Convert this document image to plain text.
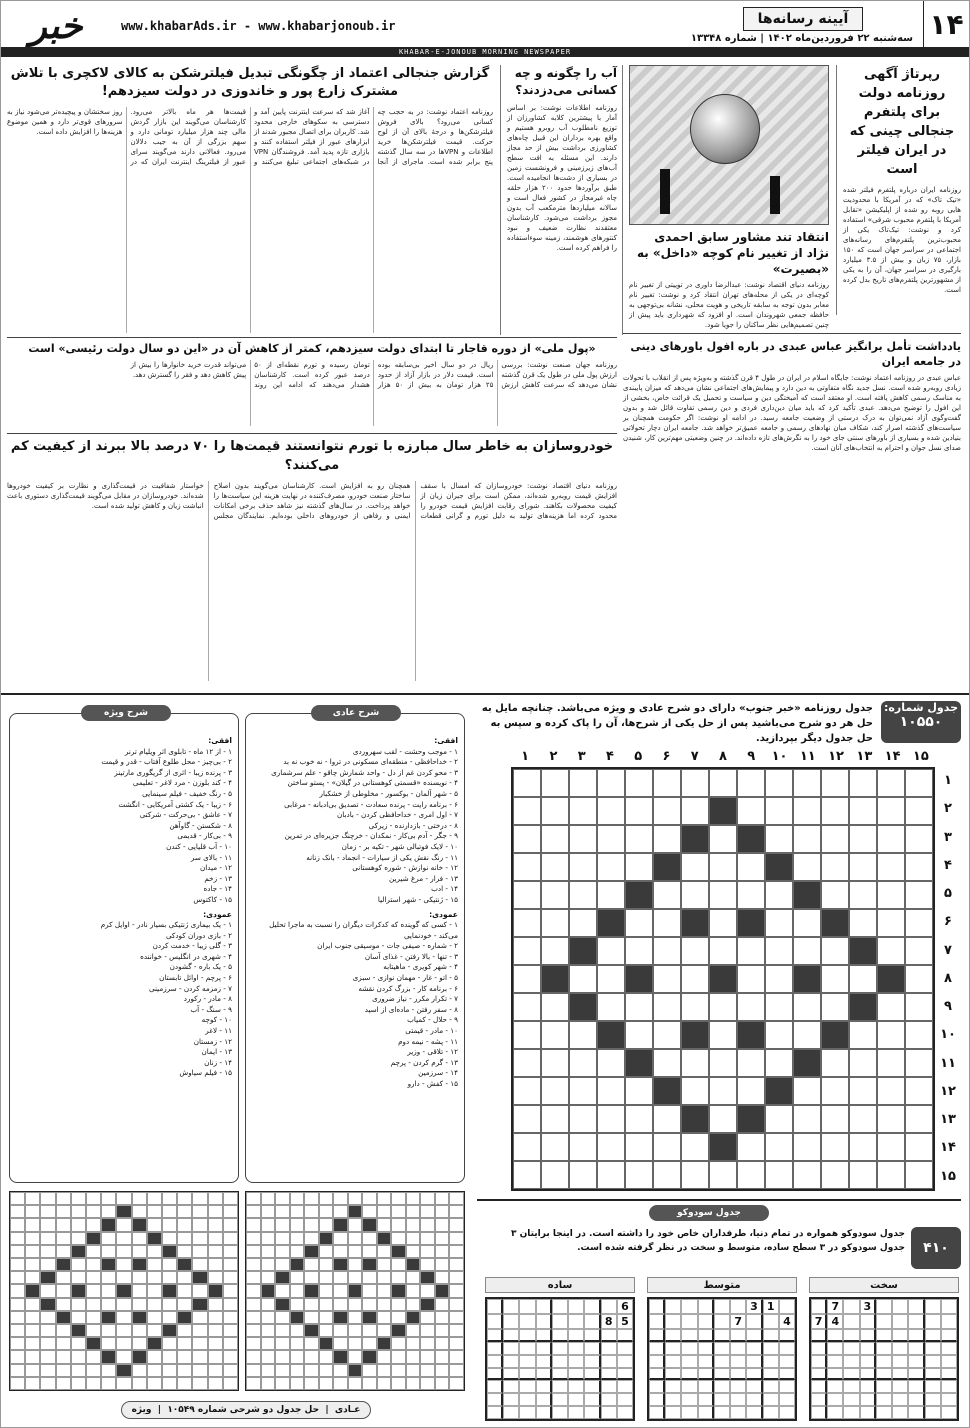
۱۴
آیینه رسانه‌ها
سه‌شنبه ۲۲ فروردین‌ماه ۱۴۰۲ | شماره ۱۳۳۴۸
www.khabarAds.ir - www.khabarjonoub.ir
خبر
KHABAR-E-JONOUB MORNING NEWSPAPER
رپرتاژ آگهی روزنامه دولت برای پلتفرم جنجالی چینی که در ایران فیلتر است
روزنامه ایران درباره پلتفرم فیلتر شده «تیک تاک» که در آمریکا با محدودیت هایی روبه رو شده از اپلیکیشن «تقابل آمریکا با پلتفرم محبوب شرقی» استفاده کرد و نوشت: تیک‌تاک یکی از محبوب‌ترین پلتفرم‌های رسانه‌های اجتماعی در سراسر جهان است که ۱۵۰ بازار، ۷۵ زبان و بیش از ۳.۵ میلیارد بارگیری در سراسر جهان، آن را به یکی از مشهورترین پلتفرم‌های تاریخ بدل کرده است.
انتقاد تند مشاور سابق احمدی نژاد از تغییر نام کوچه «داخل» به «بصیرت»
روزنامه دنیای اقتصاد نوشت: عبدالرضا داوری در توییتی از تغییر نام کوچه‌ای در یکی از محله‌های تهران انتقاد کرد و نوشت: تغییر نام معابر بدون توجه به سابقه تاریخی و هویت محلی، نشانه بی‌توجهی به حافظه جمعی شهروندان است. او افزود که شهرداری باید پیش از چنین تصمیم‌هایی نظر ساکنان را جویا شود.
آب را چگونه و چه کسانی می‌دزدند؟
روزنامه اطلاعات نوشت: بر اساس آمار با پیشترین کلابه کشاورزان از توزیع نامطلوب آب روبرو هستیم و واقع بهره برداران این قبیل چاه‌های کشاورزی برداشت بیش از حد مجاز دارند. این مسئله به افت سطح آب‌های زیرزمینی و فرونشست زمین در بسیاری از دشت‌ها انجامیده است. طبق برآوردها حدود ۲۰۰ هزار حلقه چاه غیرمجاز در کشور فعال است و سالانه میلیاردها مترمکعب آب بدون مجوز برداشت می‌شود. کارشناسان معتقدند نظارت ضعیف و نبود کنتورهای هوشمند، زمینه سوءاستفاده را فراهم کرده است.
گزارش جنجالی اعتماد از چگونگی تبدیل فیلترشکن به کالای لاکچری با تلاش مشترک زارع پور و خاندوزی در دولت سیزدهم!
روزنامه اعتماد نوشت: در به حجب چه کسانی می‌رود؟ بالای فروش فیلترشکن‌ها و درجهٔ بالای آن از لوح حرکت. قیمت فیلترشکن‌ها خرید اطلاعات و VPN‌ها در سه سال گذشته پنج برابر شده است. ماجرای از آنجا آغاز شد که سرعت اینترنت پایین آمد و دسترسی به سکوهای خارجی محدود شد. کاربران برای اتصال مجبور شدند از ابزارهای عبور از فیلتر استفاده کنند و بازاری تازه پدید آمد. فروشندگان VPN در شبکه‌های اجتماعی تبلیغ می‌کنند و قیمت‌ها هر ماه بالاتر می‌رود. کارشناسان می‌گویند این بازار گردش مالی چند هزار میلیارد تومانی دارد و سهم بزرگی از آن به جیب دلالان می‌رود. فعالانی دارند می‌گویند سرای عبور از فیلترینگ اینترنت ایران که در روز سختشان و پیچیده‌تر می‌شود نیاز به سرورهای قوی‌تر دارد و همین موضوع هزینه‌ها را افزایش داده است.
یادداشت تأمل برانگیز عباس عبدی در باره افول باورهای دینی در جامعه ایران
عباس عبدی در روزنامه اعتماد نوشت: جایگاه اسلام در ایران در طول ۴ قرن گذشته و به‌ویژه پس از انقلاب با تحولات زیادی روبه‌رو شده است. نسل جدید نگاه متفاوتی به دین دارد و پیمایش‌های اجتماعی نشان می‌دهد که میزان پایبندی به مناسک رسمی کاهش یافته است. او معتقد است که آمیختگی دین و سیاست و تحمیل یک قرائت خاص، بخشی از این افول را توضیح می‌دهد. عبدی تأکید کرد که باید میان دین‌داری فردی و دین رسمی تفاوت قائل شد و بدون گفت‌وگوی آزاد نمی‌توان به درک درستی از وضعیت جامعه رسید. در ادامه او نوشت: اگر حکومت همچنان بر سیاست‌های گذشته اصرار کند، شکاف میان نهادهای رسمی و جامعه عمیق‌تر خواهد شد. جامعه ایران دچار تحولاتی بنیادین شده و بسیاری از باورهای سنتی جای خود را به نگرش‌های تازه داده‌اند. در چنین وضعیتی مهم‌ترین کار، شنیدن صدای نسل جوان و احترام به انتخاب‌های آنان است.
«پول ملی» از دوره قاجار تا ابتدای دولت سیزدهم، کمتر از کاهش آن در «این دو سال دولت رئیسی» است
روزنامه جهان صنعت نوشت: بررسی ارزش پول ملی در طول یک قرن گذشته نشان می‌دهد که سرعت کاهش ارزش ریال در دو سال اخیر بی‌سابقه بوده است. قیمت دلار در بازار آزاد از حدود ۲۵ هزار تومان به بیش از ۵۰ هزار تومان رسیده و تورم نقطه‌ای از ۵۰ درصد عبور کرده است. کارشناسان هشدار می‌دهند که ادامه این روند می‌تواند قدرت خرید خانوارها را بیش از پیش کاهش دهد و فقر را گسترش دهد.
خودروسازان به خاطر سال مبارزه با تورم نتوانستند قیمت‌ها را ۷۰ درصد بالا ببرند از کیفیت کم می‌کنند؟
روزنامه دنیای اقتصاد نوشت: خودروسازان که امسال با سقف افزایش قیمت روبه‌رو شده‌اند، ممکن است برای جبران زیان از کیفیت محصولات بکاهند. شورای رقابت افزایش قیمت خودرو را محدود کرده اما هزینه‌های تولید به دلیل تورم و گرانی قطعات همچنان رو به افزایش است. کارشناسان می‌گویند بدون اصلاح ساختار صنعت خودرو، مصرف‌کننده در نهایت هزینه این سیاست‌ها را خواهد پرداخت. در سال‌های گذشته نیز شاهد حذف برخی امکانات ایمنی و رفاهی از خودروهای داخلی بوده‌ایم. نمایندگان مجلس خواستار شفافیت در قیمت‌گذاری و نظارت بر کیفیت خودروها شده‌اند. خودروسازان در مقابل می‌گویند قیمت‌گذاری دستوری باعث انباشت زیان و کاهش تولید شده است.
جدول شماره:
۱۰۵۵۰
جدول روزنامه «خبر جنوب» دارای دو شرح عادی و ویژه می‌باشد. چنانچه مایل به حل هر دو شرح می‌باشید پس از حل یکی از شرح‌ها، آن را پاک کرده و سپس به حل جدول دیگر بپردازید.
۱۵
۱۴
۱۳
۱۲
۱۱
۱۰
۹
۸
۷
۶
۵
۴
۳
۲
۱
۱
۲
۳
۴
۵
۶
۷
۸
۹
۱۰
۱۱
۱۲
۱۳
۱۴
۱۵
افقی:
۱ - موجب وحشت - لقب سهروردی
۲ - خداحافظی - منطقه‌ای مسکونی در تروا - نه خوب نه بد
۳ - محو کردن غم از دل - واحد شمارش چاقو - علم سرشماری
۴ - نویسنده «قسمتی کوهستانی در گیلان» - پستو ساختن
۵ - شهر آلمان - بوکسور - مخلوطی از خشکبار
۶ - برنامه رایت - پرنده سعادت - تصدیق بی‌ادبانه - مرغابی
۷ - اول امری - خداحافظی کردن - بادبان
۸ - درختی - بازدارنده - زیرکی
۹ - جگر - آدم بی‌کار - نمکدان - خرچنگ جزیره‌ای در تمرین
۱۰ - لایک فوتبالی شهر - تکیه بر - زمان
۱۱ - رنگ نقش یکی از سیارات - انجماد - بانک زنانه
۱۲ - خانه نوازش - شوره کوهستانی
۱۳ - فرار - مرغ شیرین
۱۴ - ادب
۱۵ - ژنتیکی - شهر استرالیا
عمودی:
۱ - کسی که گوینده که کدکرات دیگران را نسبت به ماجرا تحلیل می‌کند - خودنمایی
۲ - شماره - صیفی جات - موسیقی جنوب ایران
۳ - تنها - بالا رفتن - غذای آسان
۴ - شهر کویری - ماهیتابه
۵ - اتو - غار - مهمان نوازی - سبزی
۶ - برنامه کار - بزرگ کردن نقشه
۷ - تکرار مکرر - نیاز ضروری
۸ - سفر رفتن - ماده‌ای از اسید
۹ - حلال - کمیاب
۱۰ - مادر - قیمتی
۱۱ - پشه - نیمه دوم
۱۲ - تلاقی - وزیر
۱۳ - گرم کردن - پرچم
۱۴ - سرزمین
۱۵ - کفش - دارو
شرح عادی
افقی:
۱ - از ۱۲ ماه - تابلوی اثر ویلیام ترنر
۲ - بی‌چیز - محل طلوع آفتاب - قدر و قیمت
۳ - پرنده زیبا - اثری از گریگوری مارتینز
۴ - کند بلوزن - مرد لاغر - تعلیمی
۵ - رنگ خفیف - فیلم سینمایی
۶ - زیبا - یک کشتی آمریکایی - انگشت
۷ - عاشق - بی‌حرکت - شرکتی
۸ - شکستن - گاوآهن
۹ - بی‌کار - قدیمی
۱۰ - آب قلیایی - کندن
۱۱ - بالای سر
۱۲ - میدان
۱۳ - زخم
۱۴ - جاده
۱۵ - کاکتوس
عمودی:
۱ - یک بیماری ژنتیکی بسیار نادر - اوایل کرم
۲ - بازی دوران کودکی
۳ - گلی زیبا - خدمت کردن
۴ - شهری در انگلیس - خواننده
۵ - یک باره - گشودن
۶ - پرچم - اوائل تابستان
۷ - زمزمه کردن - سرزمینی
۸ - مادر - رکورد
۹ - سنگ - آب
۱۰ - کوچه
۱۱ - لاغر
۱۲ - زمستان
۱۳ - ایمان
۱۴ - زنان
۱۵ - فیلم سیاوش
شرح ویژه
عـادی  |  حل جدول دو شرحی شماره ۱۰۵۴۹  |  ویژه
جدول سودوکو
۴۱۰
جدول سودوکو همواره در تمام دنیا، طرفداران خاص خود را داشته است. در اینجا برایتان ۳ جدول سودوکو در ۳ سطح ساده، متوسط و سخت در نظر گرفته شده است.
سخت
متوسط
ساده
3
7
4
7
1
3
4
7
6
5
8
